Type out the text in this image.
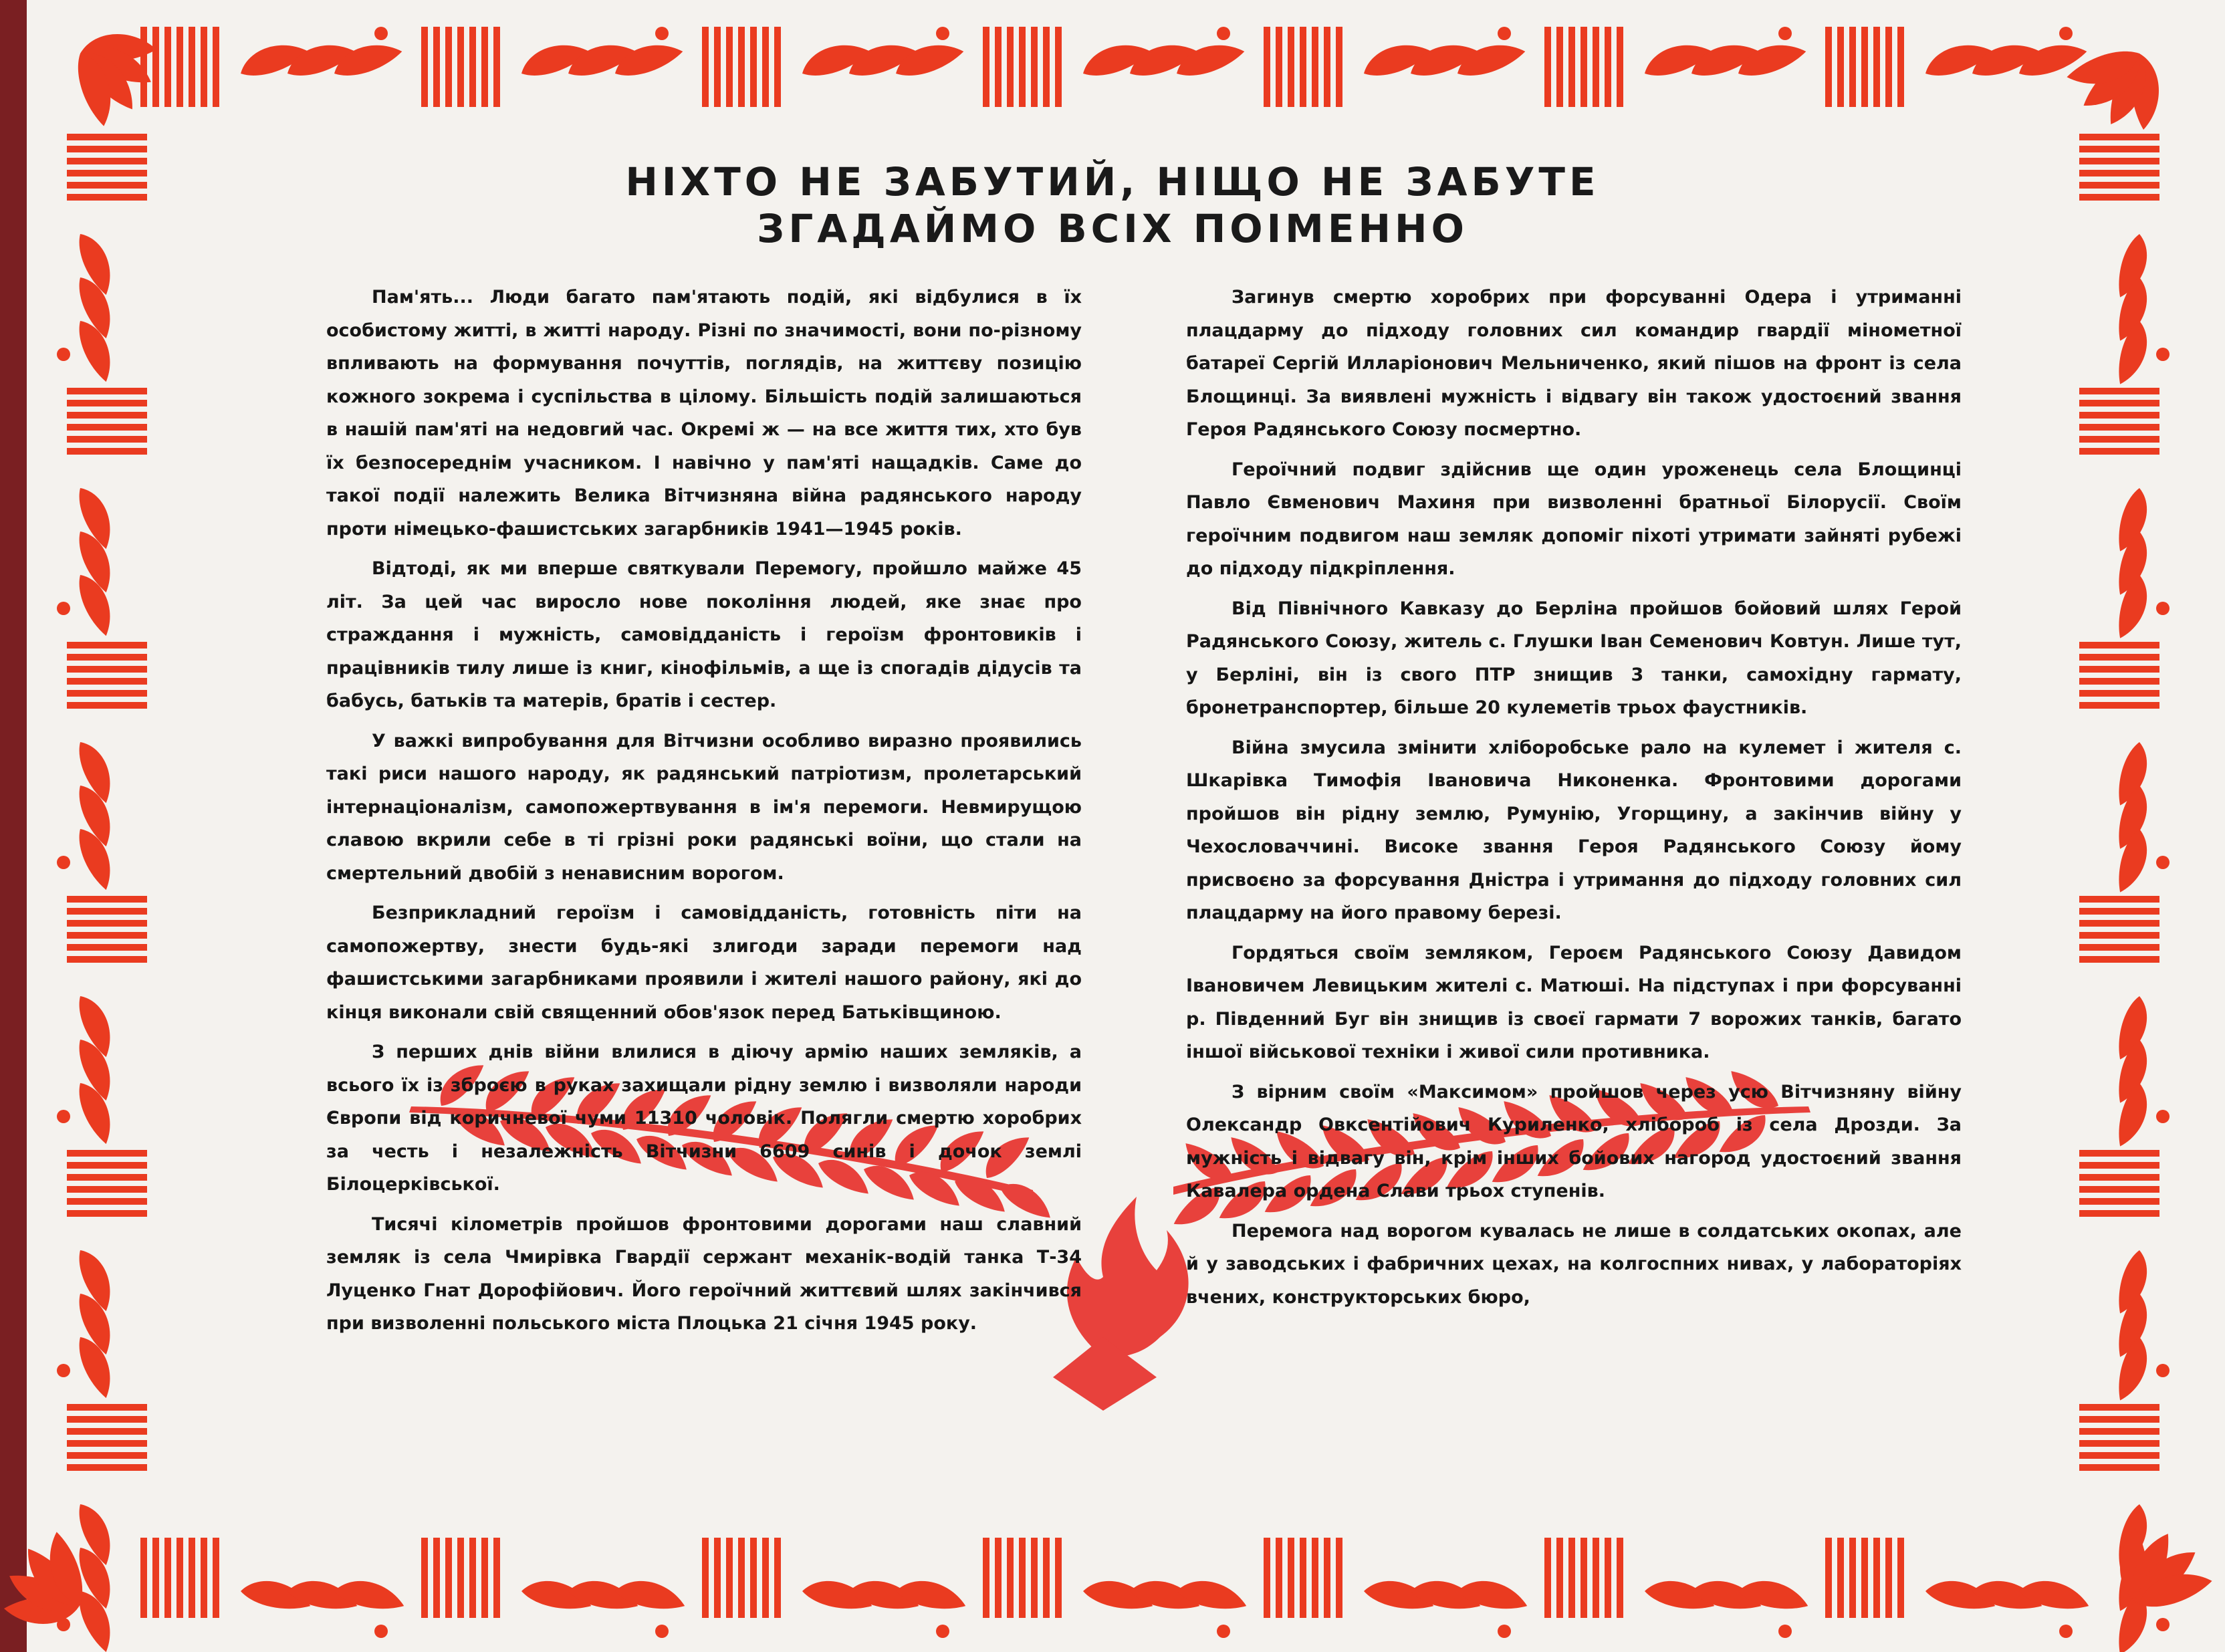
НІХТО НЕ ЗАБУТИЙ, НІЩО НЕ ЗАБУТЕ
ЗГАДАЙМО ВСІХ ПОІМЕННО

Пам'ять... Люди багато пам'ятають подій, які відбулися в їх особистому житті, в житті народу. Різні по значимості, вони по-різному впливають на формування почуттів, поглядів, на життєву позицію кожного зокрема і суспільства в цілому. Більшість подій залишаються в нашій пам'яті на недовгий час. Окремі ж — на все життя тих, хто був їх безпосереднім учасником. І навічно у пам'яті нащадків. Саме до такої події належить Велика Вітчизняна війна радянського народу проти німецько-фашистських загарбників 1941—1945 років.

Відтоді, як ми вперше святкували Перемогу, пройшло майже 45 літ. За цей час виросло нове покоління людей, яке знає про страждання і мужність, самовідданість і героїзм фронтовиків і працівників тилу лише із книг, кінофільмів, а ще із спогадів дідусів та бабусь, батьків та матерів, братів і сестер.

У важкі випробування для Вітчизни особливо виразно проявились такі риси нашого народу, як радянський патріотизм, пролетарський інтернаціоналізм, самопожертвування в ім'я перемоги. Невмирущою славою вкрили себе в ті грізні роки радянські воїни, що стали на смертельний двобій з ненависним ворогом.

Безприкладний героїзм і самовідданість, готовність піти на самопожертву, знести будь-які злигоди заради перемоги над фашистськими загарбниками проявили і жителі нашого району, які до кінця виконали свій священний обов'язок перед Батьківщиною.

З перших днів війни влилися в діючу армію наших земляків, а всього їх із зброєю в руках захищали рідну землю і визволяли народи Європи від коричневої чуми 11310 чоловік. Полягли смертю хоробрих за честь і незалежність Вітчизни 6609 синів і дочок землі Білоцерківської.

Тисячі кілометрів пройшов фронтовими дорогами наш славний земляк із села Чмирівка Гвардії сержант механік-водій танка Т-34 Луценко Гнат Дорофійович. Його героїчний життєвий шлях закінчився при визволенні польського міста Плоцька 21 січня 1945 року.

Загинув смертю хоробрих при форсуванні Одера і утриманні плацдарму до підходу головних сил командир гвардії мінометної батареї Сергій Илларіонович Мельниченко, який пішов на фронт із села Блощинці. За виявлені мужність і відвагу він також удостоєний звання Героя Радянського Союзу посмертно.

Героїчний подвиг здійснив ще один уроженець села Блощинці Павло Євменович Махиня при визволенні братньої Білорусії. Своїм героїчним подвигом наш земляк допоміг піхоті утримати зайняті рубежі до підходу підкріплення.

Від Північного Кавказу до Берліна пройшов бойовий шлях Герой Радянського Союзу, житель с. Глушки Іван Семенович Ковтун. Лише тут, у Берліні, він із свого ПТР знищив 3 танки, самохідну гармату, бронетранспортер, більше 20 кулеметів трьох фаустників.

Війна змусила змінити хліборобське рало на кулемет і жителя с. Шкарівка Тимофія Івановича Никоненка. Фронтовими дорогами пройшов він рідну землю, Румунію, Угорщину, а закінчив війну у Чехословаччині. Високе звання Героя Радянського Союзу йому присвоєно за форсування Дністра і утримання до підходу головних сил плацдарму на його правому березі.

Гордяться своїм земляком, Героєм Радянського Союзу Давидом Івановичем Левицьким жителі с. Матюші. На підступах і при форсуванні р. Південний Буг він знищив із своєї гармати 7 ворожих танків, багато іншої військової техніки і живої сили противника.

З вірним своїм «Максимом» пройшов через усю Вітчизняну війну Олександр Овксентійович Куриленко, хлібороб із села Дрозди. За мужність і відвагу він, крім інших бойових нагород удостоєний звання Кавалера ордена Слави трьох ступенів.

Перемога над ворогом кувалась не лише в солдатських окопах, але й у заводських і фабричних цехах, на колгоспних нивах, у лабораторіях вчених, конструкторських бюро,
